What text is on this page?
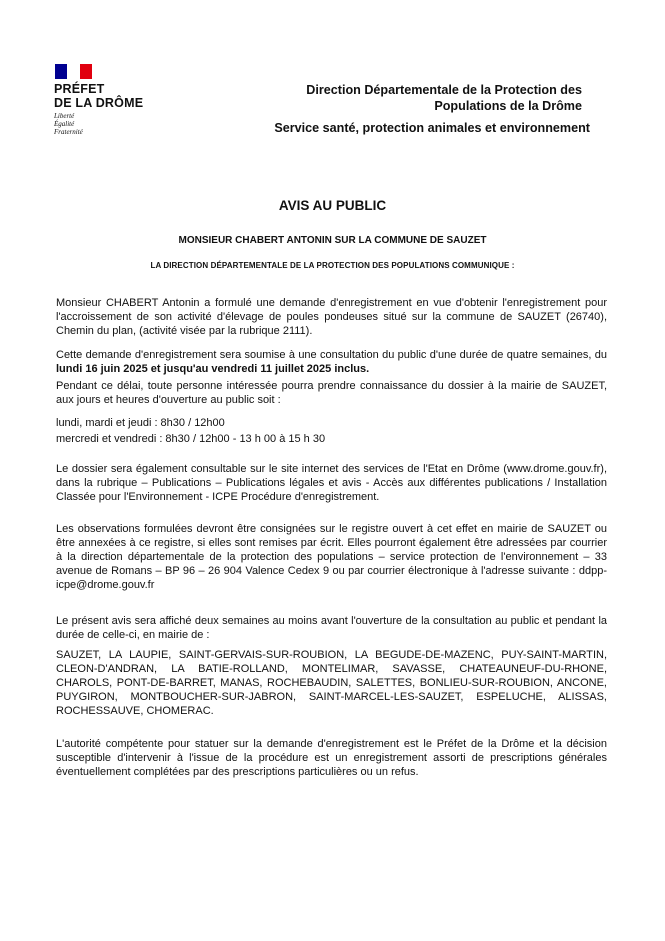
PRÉFET
DE LA DRÔME
Liberté
Égalité
Fraternité
Direction Départementale de la Protection des
Populations de la Drôme
Service santé, protection animales et environnement
AVIS AU PUBLIC
MONSIEUR CHABERT ANTONIN SUR LA COMMUNE DE SAUZET
LA DIRECTION DÉPARTEMENTALE DE LA PROTECTION DES POPULATIONS COMMUNIQUE :

Monsieur CHABERT Antonin a formulé une demande d'enregistrement en vue d'obtenir l'enregistrement pour l'accroissement de son activité d'élevage de poules pondeuses situé sur la commune de SAUZET (26740), Chemin du plan, (activité visée par la rubrique 2111).

Cette demande d'enregistrement sera soumise à une consultation du public d'une durée de quatre semaines, du lundi 16 juin 2025 et jusqu'au vendredi 11 juillet 2025 inclus.

Pendant ce délai, toute personne intéressée pourra prendre connaissance du dossier à la mairie de SAUZET, aux jours et heures d'ouverture au public soit :

lundi, mardi et jeudi : 8h30 / 12h00

mercredi et vendredi : 8h30 / 12h00 - 13 h 00 à 15 h 30

Le dossier sera également consultable sur le site internet des services de l'Etat en Drôme (www.drome.gouv.fr), dans la rubrique – Publications – Publications légales et avis - Accès aux différentes publications / Installation Classée pour l'Environnement - ICPE Procédure d'enregistrement.

Les observations formulées devront être consignées sur le registre ouvert à cet effet en mairie de SAUZET ou être annexées à ce registre, si elles sont remises par écrit. Elles pourront également être adressées par courrier à la direction départementale de la protection des populations – service protection de l'environnement – 33 avenue de Romans – BP 96 – 26 904 Valence Cedex 9 ou par courrier électronique à l'adresse suivante : ddpp-icpe@drome.gouv.fr

Le présent avis sera affiché deux semaines au moins avant l'ouverture de la consultation au public et pendant la durée de celle-ci, en mairie de :

SAUZET, LA LAUPIE, SAINT-GERVAIS-SUR-ROUBION, LA BEGUDE-DE-MAZENC, PUY-SAINT-MARTIN, CLEON-D'ANDRAN, LA BATIE-ROLLAND, MONTELIMAR, SAVASSE, CHATEAUNEUF-DU-RHONE, CHAROLS, PONT-DE-BARRET, MANAS, ROCHEBAUDIN, SALETTES, BONLIEU-SUR-ROUBION, ANCONE, PUYGIRON, MONTBOUCHER-SUR-JABRON, SAINT-MARCEL-LES-SAUZET, ESPELUCHE, ALISSAS, ROCHESSAUVE, CHOMERAC.

L'autorité compétente pour statuer sur la demande d'enregistrement est le Préfet de la Drôme et la décision susceptible d'intervenir à l'issue de la procédure est un enregistrement assorti de prescriptions générales éventuellement complétées par des prescriptions particulières ou un refus.
